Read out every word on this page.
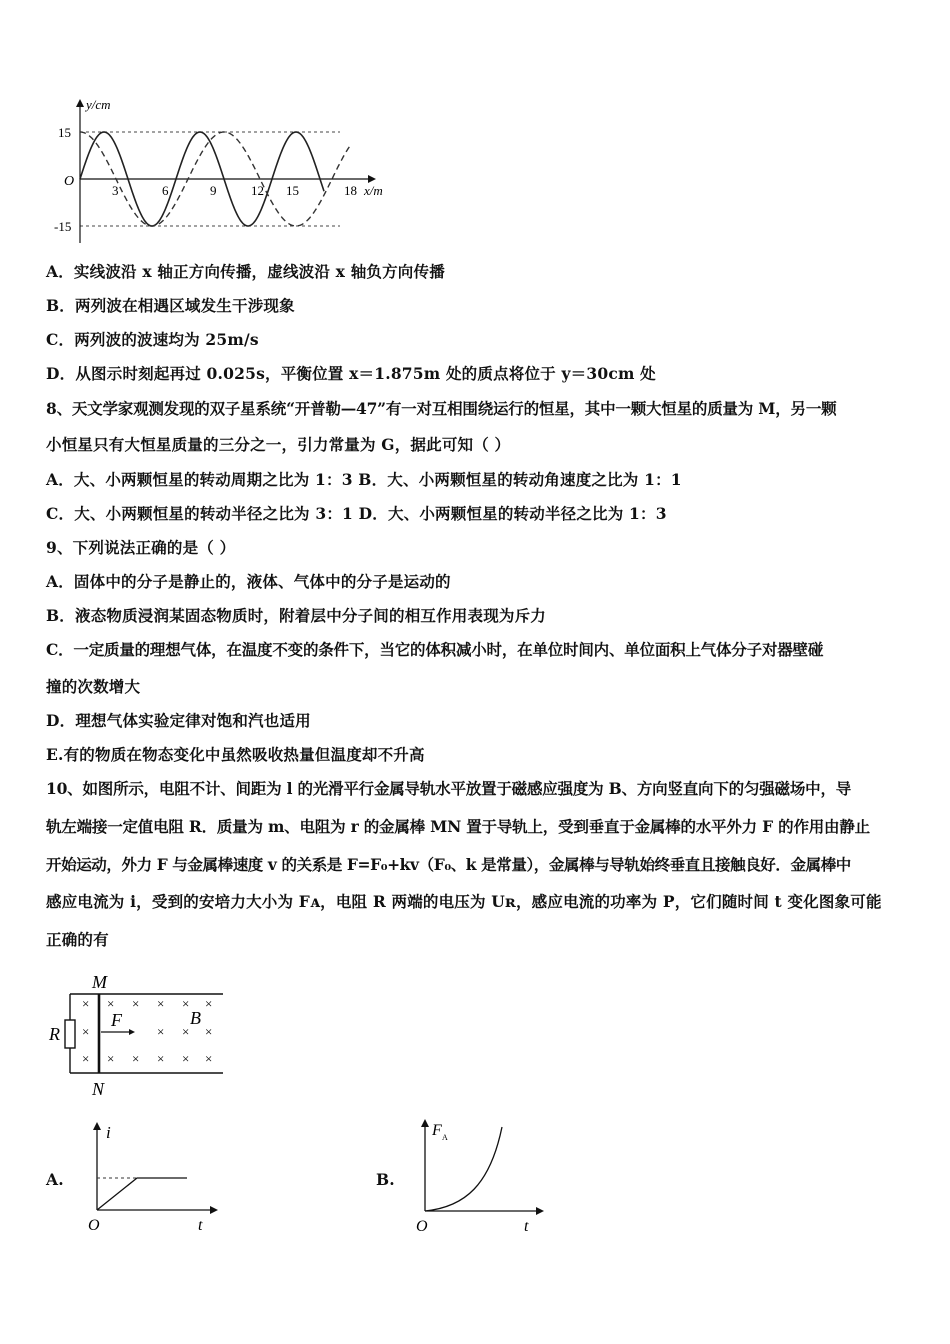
y/cm
O
15
-15
3	6	9	12 15	18 x/m
A．实线波沿 x 轴正方向传播，虚线波沿 x 轴负方向传播
B．两列波在相遇区域发生干涉现象
C．两列波的波速均为 25m/s
D．从图示时刻起再过 0.025s，平衡位置 x＝1.875m 处的质点将位于 y＝30cm 处
8、天文学家观测发现的双子星系统“开普勒—47”有一对互相围绕运行的恒星，其中一颗大恒星的质量为 M，另一颗
小恒星只有大恒星质量的三分之一，引力常量为 G，据此可知（ ）
A．大、小两颗恒星的转动周期之比为 1：3 B．大、小两颗恒星的转动角速度之比为 1：1
C．大、小两颗恒星的转动半径之比为 3：1 D．大、小两颗恒星的转动半径之比为 1：3
9、下列说法正确的是（ ）
A．固体中的分子是静止的，液体、气体中的分子是运动的
B．液态物质浸润某固态物质时，附着层中分子间的相互作用表现为斥力
C．一定质量的理想气体，在温度不变的条件下，当它的体积减小时，在单位时间内、单位面积上气体分子对器壁碰
撞的次数增大
D．理想气体实验定律对饱和汽也适用
E.有的物质在物态变化中虽然吸收热量但温度却不升高
10、如图所示，电阻不计、间距为 l 的光滑平行金属导轨水平放置于磁感应强度为 B、方向竖直向下的匀强磁场中，导
轨左端接一定值电阻 R．质量为 m、电阻为 r 的金属棒 MN 置于导轨上，受到垂直于金属棒的水平外力 F 的作用由静止
开始运动，外力 F 与金属棒速度 v 的关系是 F=F₀+kv（F₀、k 是常量），金属棒与导轨始终垂直且接触良好．金属棒中
感应电流为 i，受到的安培力大小为 Fᴀ，电阻 R 两端的电压为 Uʀ，感应电流的功率为 P，它们随时间 t 变化图象可能
正确的有
M
N
R
F	B
× × × × × ×
×	× × ×
× × × × × ×
A.
i
O	t
B.
F A
O	t
